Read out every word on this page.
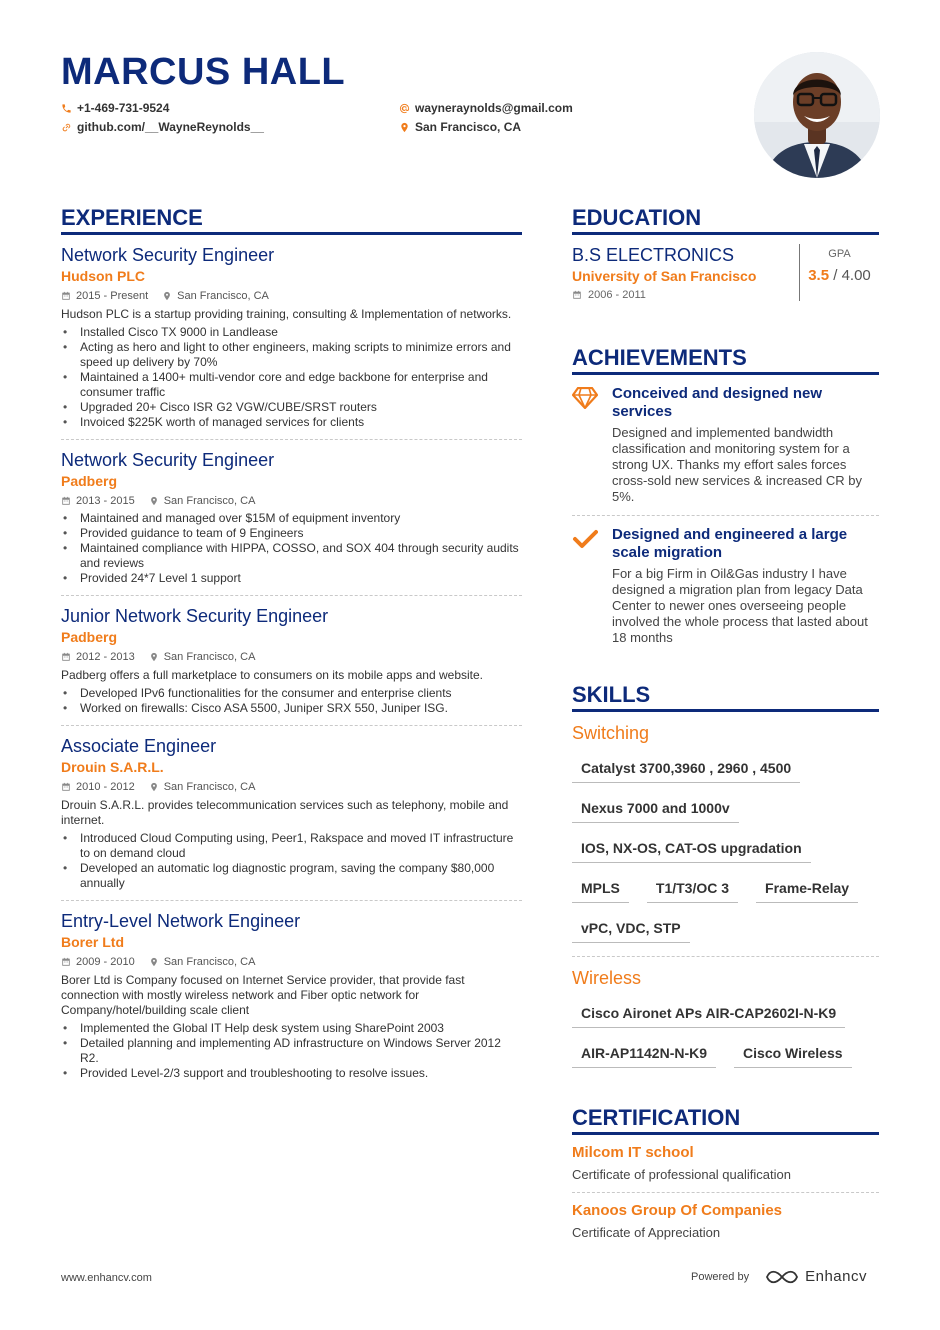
MARCUS HALL
+1-469-731-9524
github.com/__WayneReynolds__
wayneraynolds@gmail.com
San Francisco, CA
EXPERIENCE
Network Security Engineer
Hudson PLC
2015 - Present	San Francisco, CA
Hudson PLC is a startup providing training, consulting & Implementation of networks.
• Installed Cisco TX 9000 in Landlease
• Acting as hero and light to other engineers, making scripts to minimize errors and speed up delivery by 70%
• Maintained a 1400+ multi-vendor core and edge backbone for enterprise and consumer traffic
• Upgraded 20+ Cisco ISR G2 VGW/CUBE/SRST routers
• Invoiced $225K worth of managed services for clients
Network Security Engineer
Padberg
2013 - 2015	San Francisco, CA
• Maintained and managed over $15M of equipment inventory
• Provided guidance to team of 9 Engineers
• Maintained compliance with HIPPA, COSSO, and SOX 404 through security audits and reviews
• Provided 24*7 Level 1 support
Junior Network Security Engineer
Padberg
2012 - 2013	San Francisco, CA
Padberg offers a full marketplace to consumers on its mobile apps and website.
• Developed IPv6 functionalities for the consumer and enterprise clients
• Worked on firewalls: Cisco ASA 5500, Juniper SRX 550, Juniper ISG.
Associate Engineer
Drouin S.A.R.L.
2010 - 2012	San Francisco, CA
Drouin S.A.R.L. provides telecommunication services such as telephony, mobile and internet.
• Introduced Cloud Computing using, Peer1, Rakspace and moved IT infrastructure to on demand cloud
• Developed an automatic log diagnostic program, saving the company $80,000 annually
Entry-Level Network Engineer
Borer Ltd
2009 - 2010	San Francisco, CA
Borer Ltd is Company focused on Internet Service provider, that provide fast connection with mostly wireless network and Fiber optic network for Company/hotel/building scale client
• Implemented the Global IT Help desk system using SharePoint 2003
• Detailed planning and implementing AD infrastructure on Windows Server 2012 R2.
• Provided Level-2/3 support and troubleshooting to resolve issues.
EDUCATION
B.S ELECTRONICS
University of San Francisco
2006 - 2011
GPA
3.5 / 4.00
ACHIEVEMENTS
Conceived and designed new services
Designed and implemented bandwidth classification and monitoring system for a strong UX. Thanks my effort sales forces cross-sold new services & increased CR by 5%.
Designed and engineered a large scale migration
For a big Firm in Oil&Gas industry I have designed a migration plan from legacy Data Center to newer ones overseeing people involved the whole process that lasted about 18 months
SKILLS
Switching
Catalyst 3700,3960 , 2960 , 4500
Nexus 7000 and 1000v
IOS, NX-OS, CAT-OS upgradation
MPLS	T1/T3/OC 3	Frame-Relay
vPC, VDC, STP
Wireless
Cisco Aironet APs AIR-CAP2602I-N-K9
AIR-AP1142N-N-K9	Cisco Wireless
CERTIFICATION
Milcom IT school
Certificate of professional qualification
Kanoos Group Of Companies
Certificate of Appreciation
www.enhancv.com	Powered by	Enhancv
